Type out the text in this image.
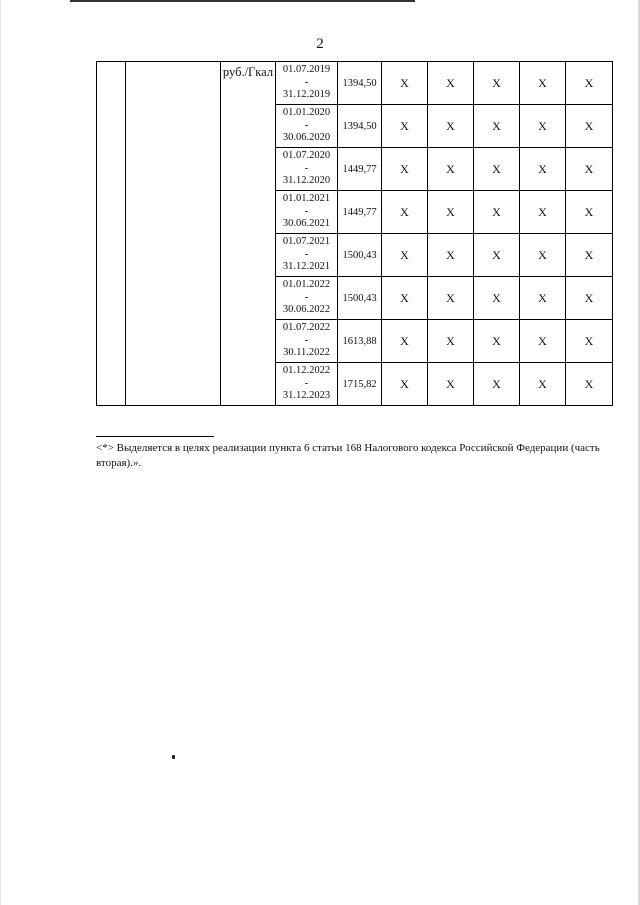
2
		руб./Гкал	01.07.2019
-
31.12.2019	1394,50	X	X	X	X	X

			01.01.2020
-
30.06.2020	1394,50	X	X	X	X	X

			01.07.2020
-
31.12.2020	1449,77	X	X	X	X	X

			01.01.2021
-
30.06.2021	1449,77	X	X	X	X	X

			01.07.2021
-
31.12.2021	1500,43	X	X	X	X	X

			01.01.2022
-
30.06.2022	1500,43	X	X	X	X	X

			01.07.2022
-
30.11.2022	1613,88	X	X	X	X	X

			01.12.2022
-
31.12.2023	1715,82	X	X	X	X	X
<*> Выделяется в целях реализации пункта 6 статьи 168 Налогового кодекса Российской Федерации (часть вторая).».
